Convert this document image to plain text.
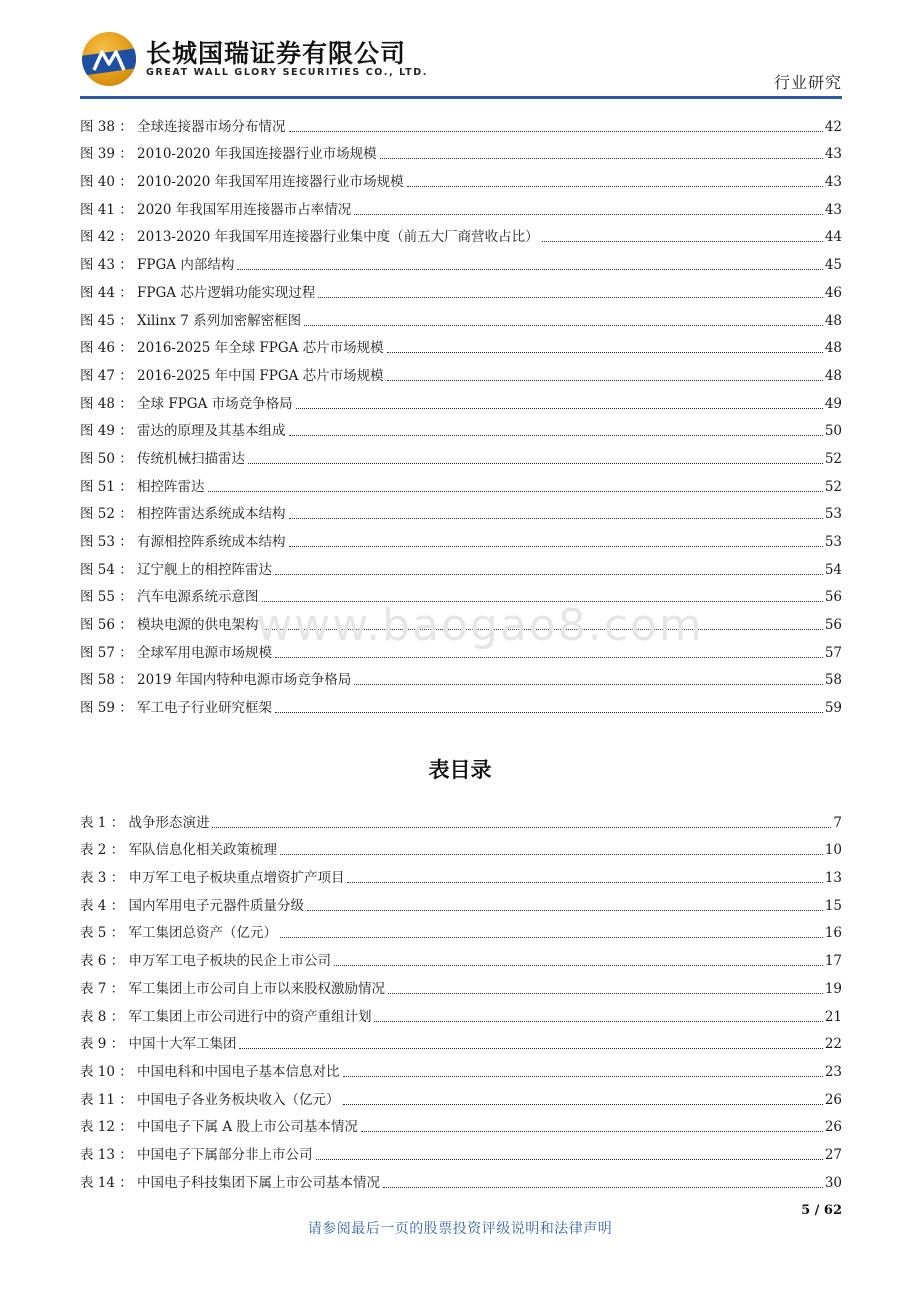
长城国瑞证券有限公司
GREAT WALL GLORY SECURITIES CO., LTD.
行业研究
图 38 ： 全球连接器市场分布情况	42
图 39 ： 2010-2020 年我国连接器行业市场规模	43
图 40 ： 2010-2020 年我国军用连接器行业市场规模	43
图 41 ： 2020 年我国军用连接器市占率情况	43
图 42 ： 2013-2020 年我国军用连接器行业集中度（前五大厂商营收占比）	44
图 43 ： FPGA 内部结构	45
图 44 ： FPGA 芯片逻辑功能实现过程	46
图 45 ： Xilinx 7 系列加密解密框图	48
图 46 ： 2016-2025 年全球 FPGA 芯片市场规模	48
图 47 ： 2016-2025 年中国 FPGA 芯片市场规模	48
图 48 ： 全球 FPGA 市场竞争格局	49
图 49 ： 雷达的原理及其基本组成	50
图 50 ： 传统机械扫描雷达	52
图 51 ： 相控阵雷达	52
图 52 ： 相控阵雷达系统成本结构	53
图 53 ： 有源相控阵系统成本结构	53
图 54 ： 辽宁舰上的相控阵雷达	54
图 55 ： 汽车电源系统示意图	56
图 56 ： 模块电源的供电架构	56
图 57 ： 全球军用电源市场规模	57
图 58 ： 2019 年国内特种电源市场竞争格局	58
图 59 ： 军工电子行业研究框架	59
表目录
表 1 ： 战争形态演进	7
表 2 ： 军队信息化相关政策梳理	10
表 3 ： 申万军工电子板块重点增资扩产项目	13
表 4 ： 国内军用电子元器件质量分级	15
表 5 ： 军工集团总资产（亿元）	16
表 6 ： 申万军工电子板块的民企上市公司	17
表 7 ： 军工集团上市公司自上市以来股权激励情况	19
表 8 ： 军工集团上市公司进行中的资产重组计划	21
表 9 ： 中国十大军工集团	22
表 10 ： 中国电科和中国电子基本信息对比	23
表 11 ： 中国电子各业务板块收入（亿元）	26
表 12 ： 中国电子下属 A 股上市公司基本情况	26
表 13 ： 中国电子下属部分非上市公司	27
表 14 ： 中国电子科技集团下属上市公司基本情况	30
www.baogao8.com
5 / 62
请参阅最后一页的股票投资评级说明和法律声明
